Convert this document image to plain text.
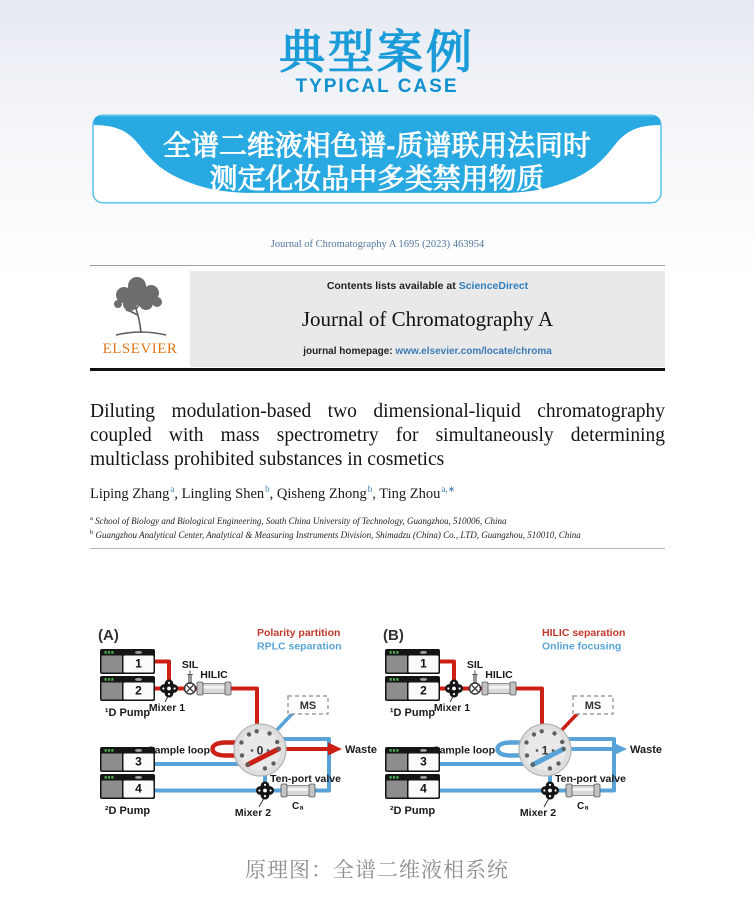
典型案例
TYPICAL CASE
全谱二维液相色谱-质谱联用法同时
测定化妆品中多类禁用物质
Journal of Chromatography A 1695 (2023) 463954
ELSEVIER
Contents lists available at ScienceDirect
Journal of Chromatography A
journal homepage: www.elsevier.com/locate/chroma
Diluting modulation-based two dimensional-liquid chromatography coupled with mass spectrometry for simultaneously determining multiclass prohibited substances in cosmetics
Liping Zhang$^a$, Lingling Shen$^b$, Qisheng Zhong$^b$, Ting Zhou$^{a,∗}$
$^a$ School of Biology and Biological Engineering, South China University of Technology, Guangzhou, 510006, China
$^b$ Guangzhou Analytical Center, Analytical & Measuring Instruments Division, Shimadzu (China) Co., LTD, Guangzhou, 510010, China
0
1
2
3
4
MS
(A)	Polarity partition
RPLC separation
¹D Pump
²D Pump
Mixer 1
Mixer 2
SIL
HILIC
Sample loop
Ten-port valve
C₈
Waste	1
1
2
3
4
MS
(B)	HILIC separation
Online focusing
¹D Pump
²D Pump
Mixer 1
Mixer 2
SIL
HILIC
Sample loop
Ten-port valve
C₈
Waste
原理图：全谱二维液相系统
